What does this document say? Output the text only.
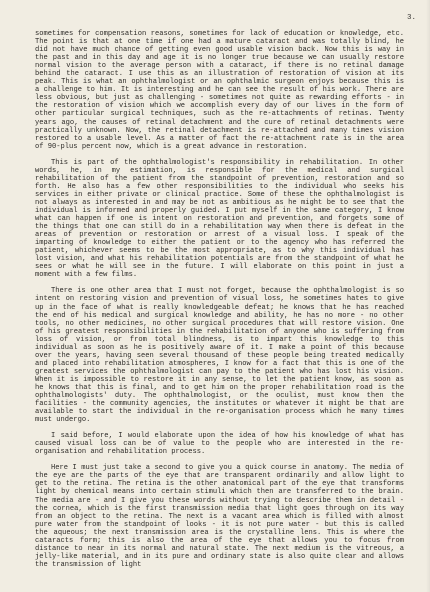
3.

sometimes for compensation reasons, sometimes for lack of education or knowledge, etc. The point is that at one time if one had a mature cataract and was totally blind, he did not have much chance of getting even good usable vision back. Now this is way in the past and in this day and age it is no longer true because we can usually restore normal vision to the average person with a cataract, if there is no retinal damage behind the cataract. I use this as an illustration of restoration of vision at its peak. This is what an ophthalmologist or an ophthalmic surgeon enjoys because this is a challenge to him. It is interesting and he can see the result of his work. There are less obvious, but just as challenging - sometimes not quite as rewarding efforts - in the restoration of vision which we accomplish every day of our lives in the form of other particular surgical techniques, such as the re-attachments of retinas. Twenty years ago, the causes of retinal detachment and the cure of retinal detachments were practically unknown. Now, the retinal detachment is re-attached and many times vision restored to a usable level. As a matter of fact the re-attachment rate is in the area of 90-plus percent now, which is a great advance in restoration.

This is part of the ophthalmologist's responsibility in rehabilitation. In other words, he, in my estimation, is responsible for the medical and surgical rehabilitation of the patient from the standpoint of prevention, restoration and so forth. He also has a few other responsibilities to the individual who seeks his services in either private or clinical practice. Some of these the ophthalmologist is not always as interested in and may be not as ambitious as he might be to see that the individual is informed and properly guided. I put myself in the same category, I know what can happen if one is intent on restoration and prevention, and forgets some of the things that one can still do in a rehabilitation way when there is defeat in the areas of prevention or restoration or arrest of a visual loss. I speak of the imparting of knowledge to either the patient or to the agency who has referred the patient, whichever seems to be the most appropriate, as to why this individual has lost vision, and what his rehabilitation potentials are from the standpoint of what he sees or what he will see in the future. I will elaborate on this point in just a moment with a few films.

There is one other area that I must not forget, because the ophthalmologist is so intent on restoring vision and prevention of visual loss, he sometimes hates to give up in the face of what is really knowledgeable defeat; he knows that he has reached the end of his medical and surgical knowledge and ability, he has no more - no other tools, no other medicines, no other surgical procedures that will restore vision. One of his greatest responsibilities in the rehabilitation of anyone who is suffering from loss of vision, or from total blindness, is to impart this knowledge to this individual as soon as he is positively aware of it. I make a point of this because over the years, having seen several thousand of these people being treated medically and placed into rehabilitation atmospheres, I know for a fact that this is one of the greatest services the ophthalmologist can pay to the patient who has lost his vision. When it is impossible to restore it in any sense, to let the patient know, as soon as he knows that this is final, and to get him on the proper rehabilitation road is the ophthalmologists' duty. The ophthalmologist, or the oculist, must know then the facilities - the community agencies, the institutes or whatever it might be that are available to start the individual in the re-organisation process which he many times must undergo.

I said before, I would elaborate upon the idea of how his knowledge of what has caused visual loss can be of value to the people who are interested in the re-organisation and rehabilitation process.

Here I must just take a second to give you a quick course in anatomy. The media of the eye are the parts of the eye that are transparent ordinarily and allow light to get to the retina. The retina is the other anatomical part of the eye that transforms light by chemical means into certain stimuli which then are transferred to the brain. The media are - and I give you these words without trying to describe them in detail - the cornea, which is the first transmission media that light goes through on its way from an object to the retina. The next is a vacant area which is filled with almost pure water from the standpoint of looks - it is not pure water - but this is called the aqueous; the next transmission area is the crystalline lens. This is where the cataracts form; this is also the area of the eye that allows you to focus from distance to near in its normal and natural state. The next medium is the vitreous, a jelly-like material, and in its pure and ordinary state is also quite clear and allows the transmission of light
